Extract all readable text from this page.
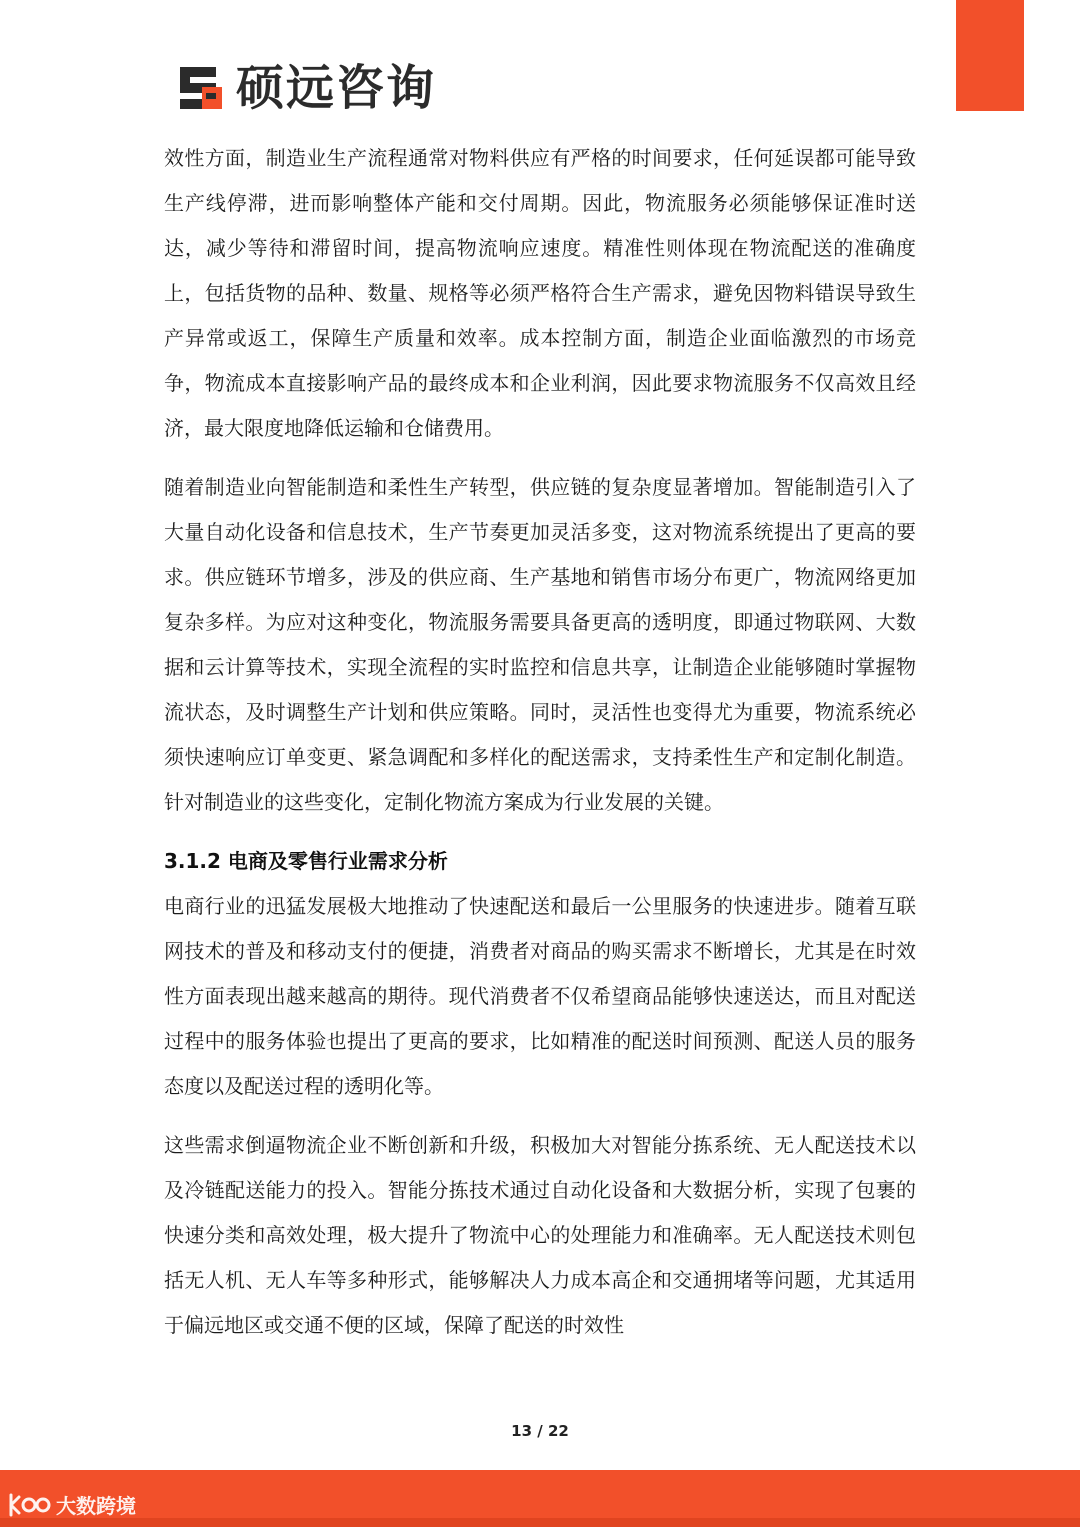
硕远咨询

效性方面，制造业生产流程通常对物料供应有严格的时间要求，任何延误都可能导致生产线停滞，进而影响整体产能和交付周期。因此，物流服务必须能够保证准时送达，减少等待和滞留时间，提高物流响应速度。精准性则体现在物流配送的准确度上，包括货物的品种、数量、规格等必须严格符合生产需求，避免因物料错误导致生产异常或返工，保障生产质量和效率。成本控制方面，制造企业面临激烈的市场竞争，物流成本直接影响产品的最终成本和企业利润，因此要求物流服务不仅高效且经济，最大限度地降低运输和仓储费用。

随着制造业向智能制造和柔性生产转型，供应链的复杂度显著增加。智能制造引入了大量自动化设备和信息技术，生产节奏更加灵活多变，这对物流系统提出了更高的要求。供应链环节增多，涉及的供应商、生产基地和销售市场分布更广，物流网络更加复杂多样。为应对这种变化，物流服务需要具备更高的透明度，即通过物联网、大数据和云计算等技术，实现全流程的实时监控和信息共享，让制造企业能够随时掌握物流状态，及时调整生产计划和供应策略。同时，灵活性也变得尤为重要，物流系统必须快速响应订单变更、紧急调配和多样化的配送需求，支持柔性生产和定制化制造。针对制造业的这些变化，定制化物流方案成为行业发展的关键。

3.1.2 电商及零售行业需求分析

电商行业的迅猛发展极大地推动了快速配送和最后一公里服务的快速进步。随着互联网技术的普及和移动支付的便捷，消费者对商品的购买需求不断增长，尤其是在时效性方面表现出越来越高的期待。现代消费者不仅希望商品能够快速送达，而且对配送过程中的服务体验也提出了更高的要求，比如精准的配送时间预测、配送人员的服务态度以及配送过程的透明化等。

这些需求倒逼物流企业不断创新和升级，积极加大对智能分拣系统、无人配送技术以及冷链配送能力的投入。智能分拣技术通过自动化设备和大数据分析，实现了包裹的快速分类和高效处理，极大提升了物流中心的处理能力和准确率。无人配送技术则包括无人机、无人车等多种形式，能够解决人力成本高企和交通拥堵等问题，尤其适用于偏远地区或交通不便的区域，保障了配送的时效性

13 / 22
大数跨境
